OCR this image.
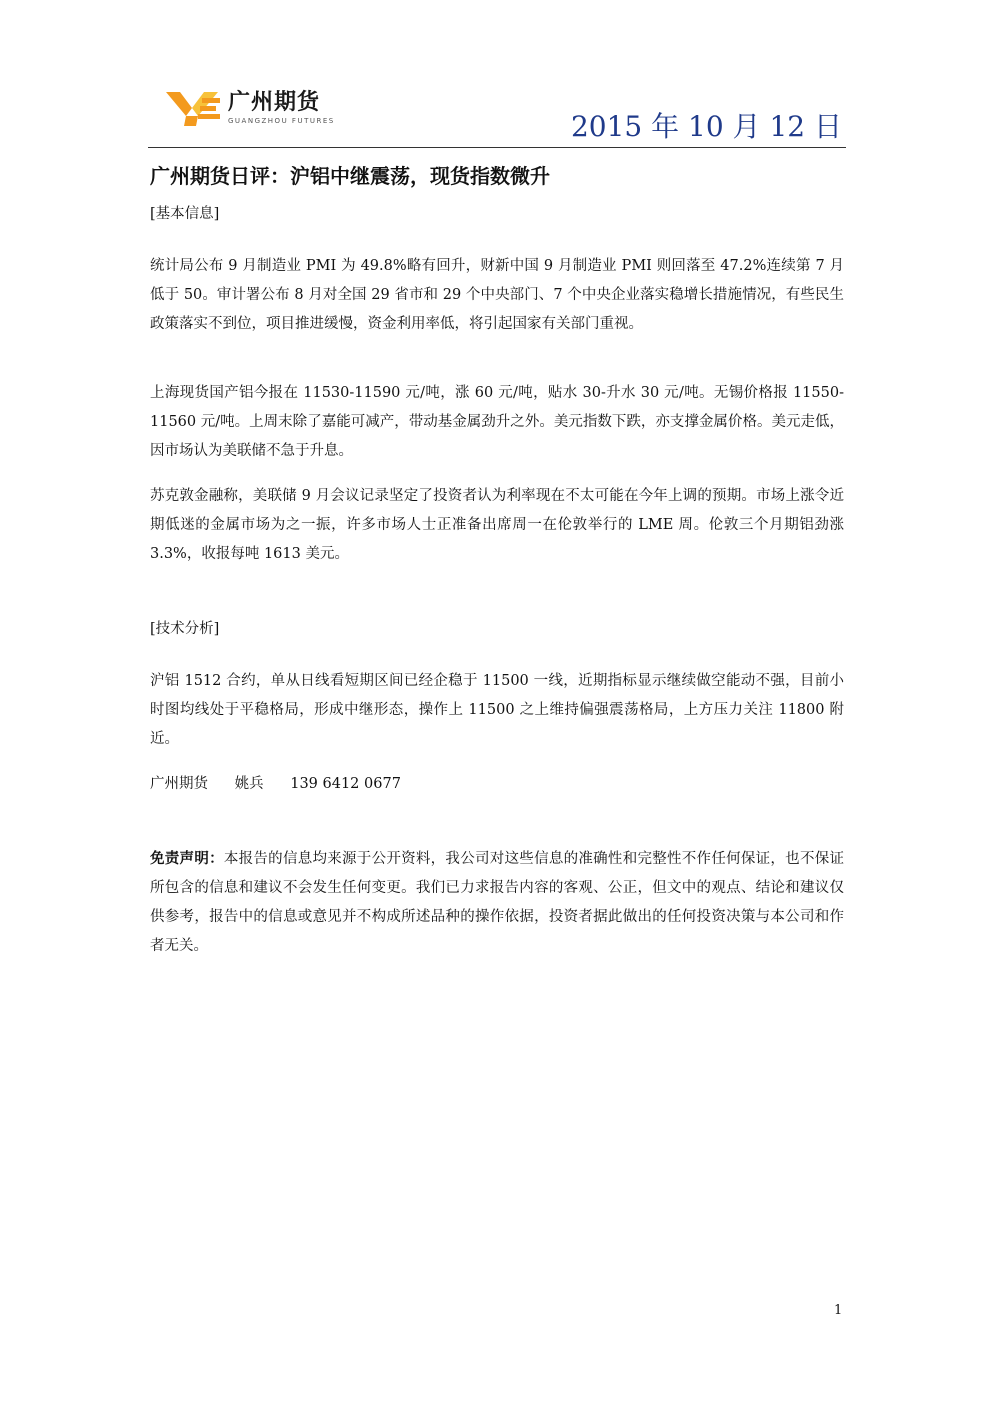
广州期货
GUANGZHOU FUTURES	2015 年 10 月 12 日
广州期货日评：沪铝中继震荡，现货指数微升
[基本信息]

统计局公布 9 月制造业 PMI 为 49.8%略有回升，财新中国 9 月制造业 PMI 则回落至 47.2%连续第 7 月低于 50。审计署公布 8 月对全国 29 省市和 29 个中央部门、7 个中央企业落实稳增长措施情况，有些民生政策落实不到位，项目推进缓慢，资金利用率低，将引起国家有关部门重视。

上海现货国产铝今报在 11530-11590 元/吨，涨 60 元/吨，贴水 30-升水 30 元/吨。无锡价格报 11550-11560 元/吨。上周末除了嘉能可减产，带动基金属劲升之外。美元指数下跌，亦支撑金属价格。美元走低，因市场认为美联储不急于升息。

苏克敦金融称，美联储 9 月会议记录坚定了投资者认为利率现在不太可能在今年上调的预期。市场上涨令近期低迷的金属市场为之一振，许多市场人士正准备出席周一在伦敦举行的 LME 周。伦敦三个月期铝劲涨 3.3%，收报每吨 1613 美元。

[技术分析]

沪铝 1512 合约，单从日线看短期区间已经企稳于 11500 一线，近期指标显示继续做空能动不强，目前小时图均线处于平稳格局，形成中继形态，操作上 11500 之上维持偏强震荡格局，上方压力关注 11800 附近。

广州期货 姚兵 139 6412 0677

免责声明：本报告的信息均来源于公开资料，我公司对这些信息的准确性和完整性不作任何保证，也不保证所包含的信息和建议不会发生任何变更。我们已力求报告内容的客观、公正，但文中的观点、结论和建议仅供参考，报告中的信息或意见并不构成所述品种的操作依据，投资者据此做出的任何投资决策与本公司和作者无关。

1
